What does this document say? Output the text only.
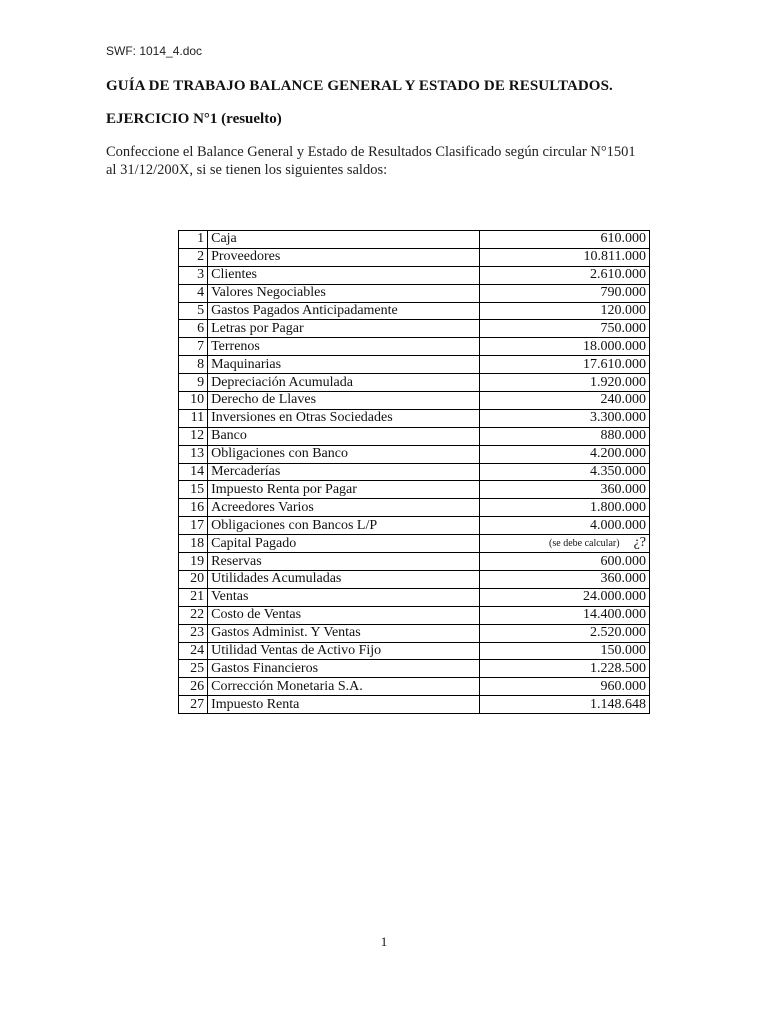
SWF: 1014_4.doc
GUÍA DE TRABAJO BALANCE GENERAL Y ESTADO DE RESULTADOS.
EJERCICIO N°1 (resuelto)

Confeccione el Balance General y Estado de Resultados Clasificado según circular N°1501

al 31/12/200X, si se tienen los siguientes saldos:

1	Caja	610.000
2	Proveedores	10.811.000
3	Clientes	2.610.000
4	Valores Negociables	790.000
5	Gastos Pagados Anticipadamente	120.000
6	Letras por Pagar	750.000
7	Terrenos	18.000.000
8	Maquinarias	17.610.000
9	Depreciación Acumulada	1.920.000
10	Derecho de Llaves	240.000
11	Inversiones en Otras Sociedades	3.300.000
12	Banco	880.000
13	Obligaciones con Banco	4.200.000
14	Mercaderías	4.350.000
15	Impuesto Renta por Pagar	360.000
16	Acreedores Varios	1.800.000
17	Obligaciones con Bancos L/P	4.000.000
18	Capital Pagado	(se debe calcular) ¿?
19	Reservas	600.000
20	Utilidades Acumuladas	360.000
21	Ventas	24.000.000
22	Costo de Ventas	14.400.000
23	Gastos Administ. Y Ventas	2.520.000
24	Utilidad Ventas de Activo Fijo	150.000
25	Gastos Financieros	1.228.500
26	Corrección Monetaria S.A.	960.000
27	Impuesto Renta	1.148.648
1
